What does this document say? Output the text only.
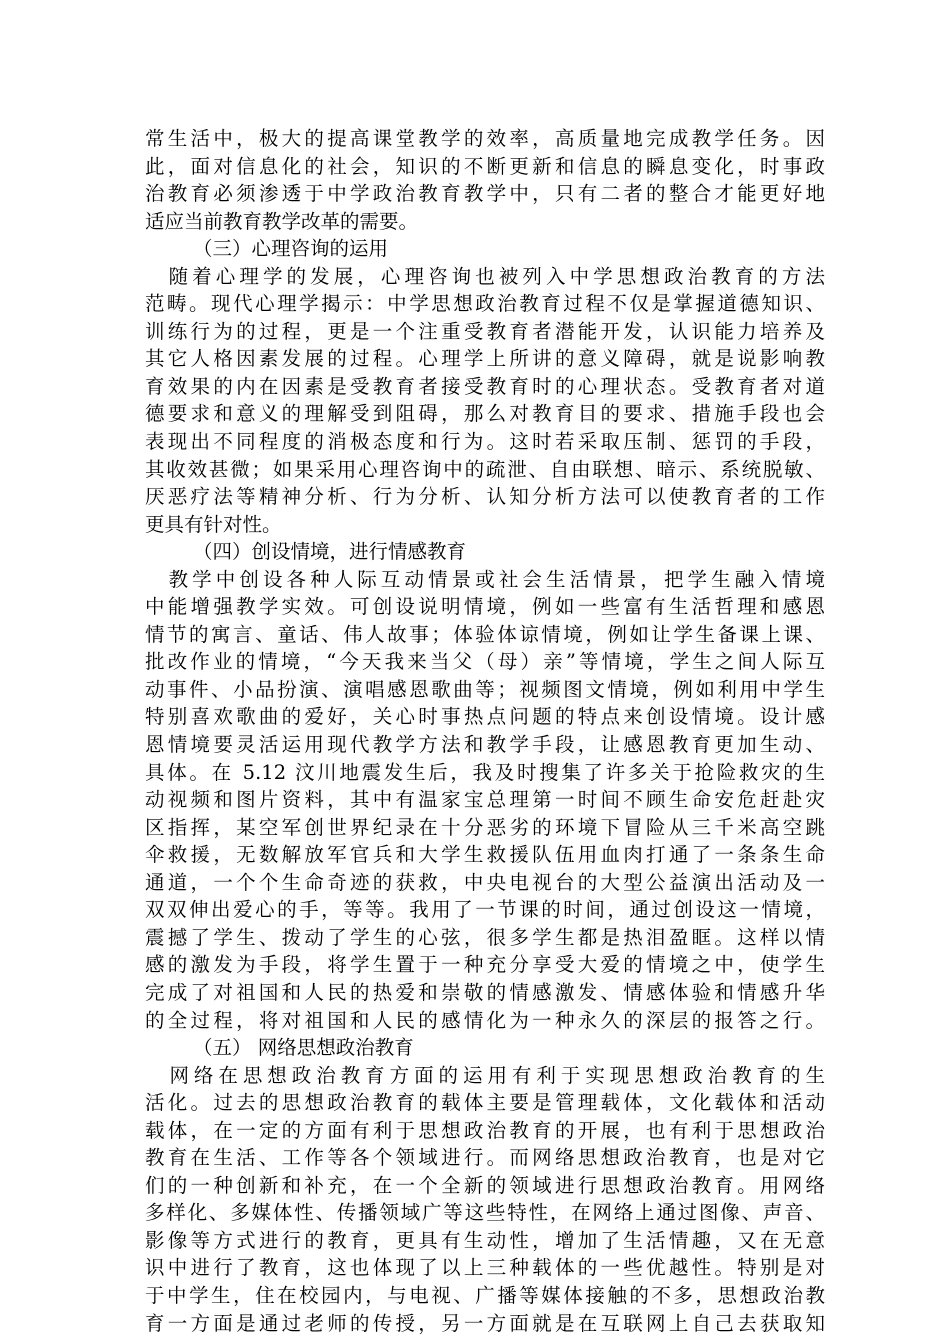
常生活中，极大的提高课堂教学的效率，高质量地完成教学任务。因
此，面对信息化的社会，知识的不断更新和信息的瞬息变化，时事政
治教育必须渗透于中学政治教育教学中，只有二者的整合才能更好地
适应当前教育教学改革的需要。
（三）心理咨询的运用
　随着心理学的发展，心理咨询也被列入中学思想政治教育的方法
范畴。现代心理学揭示：中学思想政治教育过程不仅是掌握道德知识、
训练行为的过程，更是一个注重受教育者潜能开发，认识能力培养及
其它人格因素发展的过程。心理学上所讲的意义障碍，就是说影响教
育效果的内在因素是受教育者接受教育时的心理状态。受教育者对道
德要求和意义的理解受到阻碍，那么对教育目的要求、措施手段也会
表现出不同程度的消极态度和行为。这时若采取压制、惩罚的手段，
其收效甚微；如果采用心理咨询中的疏泄、自由联想、暗示、系统脱敏、
厌恶疗法等精神分析、行为分析、认知分析方法可以使教育者的工作
更具有针对性。
（四）创设情境，进行情感教育
　教学中创设各种人际互动情景或社会生活情景，把学生融入情境
中能增强教学实效。可创设说明情境，例如一些富有生活哲理和感恩
情节的寓言、童话、伟人故事；体验体谅情境，例如让学生备课上课、
批改作业的情境，“今天我来当父（母）亲”等情境，学生之间人际互
动事件、小品扮演、演唱感恩歌曲等；视频图文情境，例如利用中学生
特别喜欢歌曲的爱好，关心时事热点问题的特点来创设情境。设计感
恩情境要灵活运用现代教学方法和教学手段，让感恩教育更加生动、
具体。在 5.12 汶川地震发生后，我及时搜集了许多关于抢险救灾的生
动视频和图片资料，其中有温家宝总理第一时间不顾生命安危赶赴灾
区指挥，某空军创世界纪录在十分恶劣的环境下冒险从三千米高空跳
伞救援，无数解放军官兵和大学生救援队伍用血肉打通了一条条生命
通道，一个个生命奇迹的获救，中央电视台的大型公益演出活动及一
双双伸出爱心的手，等等。我用了一节课的时间，通过创设这一情境，
震撼了学生、拨动了学生的心弦，很多学生都是热泪盈眶。这样以情
感的激发为手段，将学生置于一种充分享受大爱的情境之中，使学生
完成了对祖国和人民的热爱和崇敬的情感激发、情感体验和情感升华
的全过程，将对祖国和人民的感情化为一种永久的深层的报答之行。
（五） 网络思想政治教育
　网络在思想政治教育方面的运用有利于实现思想政治教育的生
活化。过去的思想政治教育的载体主要是管理载体，文化载体和活动
载体，在一定的方面有利于思想政治教育的开展，也有利于思想政治
教育在生活、工作等各个领域进行。而网络思想政治教育，也是对它
们的一种创新和补充，在一个全新的领域进行思想政治教育。用网络
多样化、多媒体性、传播领域广等这些特性，在网络上通过图像、声音、
影像等方式进行的教育，更具有生动性，增加了生活情趣，又在无意
识中进行了教育，这也体现了以上三种载体的一些优越性。特别是对
于中学生，住在校园内，与电视、广播等媒体接触的不多，思想政治教
育一方面是通过老师的传授，另一方面就是在互联网上自己去获取知
